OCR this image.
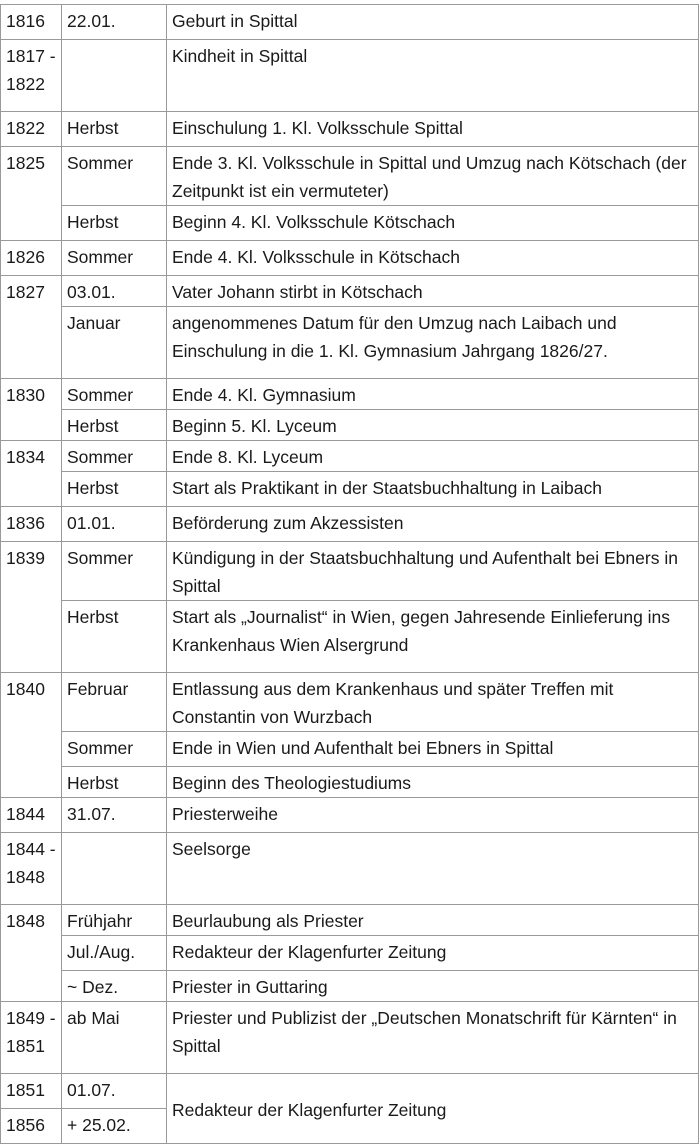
1816	22.01.	Geburt in Spittal
1817 - 1822		Kindheit in Spittal
1822	Herbst	Einschulung 1. Kl. Volksschule Spittal
1825	Sommer	Ende 3. Kl. Volksschule in Spittal und Umzug nach Kötschach (der Zeitpunkt ist ein vermuteter)
	Herbst	Beginn 4. Kl. Volksschule Kötschach
1826	Sommer	Ende 4. Kl. Volksschule in Kötschach
1827	03.01.	Vater Johann stirbt in Kötschach
	Januar	angenommenes Datum für den Umzug nach Laibach und Einschulung in die 1. Kl. Gymnasium Jahrgang 1826/27.
1830	Sommer	Ende 4. Kl. Gymnasium
	Herbst	Beginn 5. Kl. Lyceum
1834	Sommer	Ende 8. Kl. Lyceum
	Herbst	Start als Praktikant in der Staatsbuchhaltung in Laibach
1836	01.01.	Beförderung zum Akzessisten
1839	Sommer	Kündigung in der Staatsbuchhaltung und Aufenthalt bei Ebners in Spittal
	Herbst	Start als „Journalist“ in Wien, gegen Jahresende Einlieferung ins Krankenhaus Wien Alsergrund
1840	Februar	Entlassung aus dem Krankenhaus und später Treffen mit Constantin von Wurzbach
	Sommer	Ende in Wien und Aufenthalt bei Ebners in Spittal
	Herbst	Beginn des Theologiestudiums
1844	31.07.	Priesterweihe
1844 - 1848		Seelsorge
1848	Frühjahr	Beurlaubung als Priester
	Jul./Aug.	Redakteur der Klagenfurter Zeitung
	~ Dez.	Priester in Guttaring
1849 - 1851	ab Mai	Priester und Publizist der „Deutschen Monatschrift für Kärnten“ in Spittal
1851	01.07.	Redakteur der Klagenfurter Zeitung
1856	+ 25.02.	
